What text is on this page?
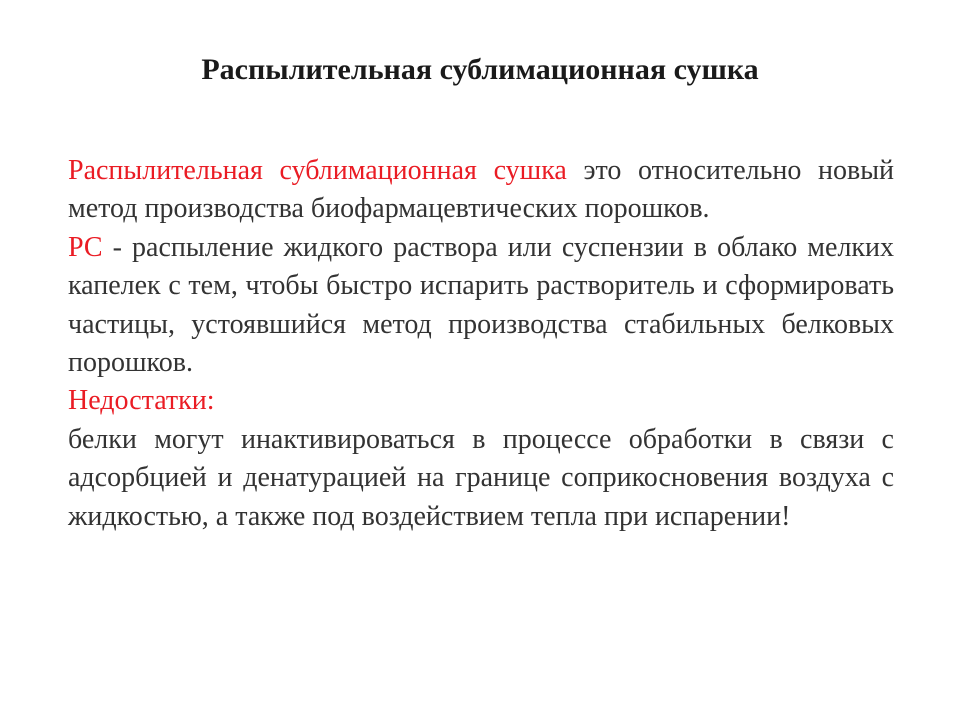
Распылительная сублимационная сушка

Распылительная сублимационная сушка это относительно новый метод производства биофармацевтических порошков.

РС - распыление жидкого раствора или суспензии в облако мелких капелек с тем, чтобы быстро испарить растворитель и сформировать частицы, устоявшийся метод производства стабильных белковых порошков.

Недостатки:

белки могут инактивироваться в процессе обработки в связи с адсорбцией и денатурацией на границе соприкосновения воздуха с жидкостью, а также под воздействием тепла при испарении!
